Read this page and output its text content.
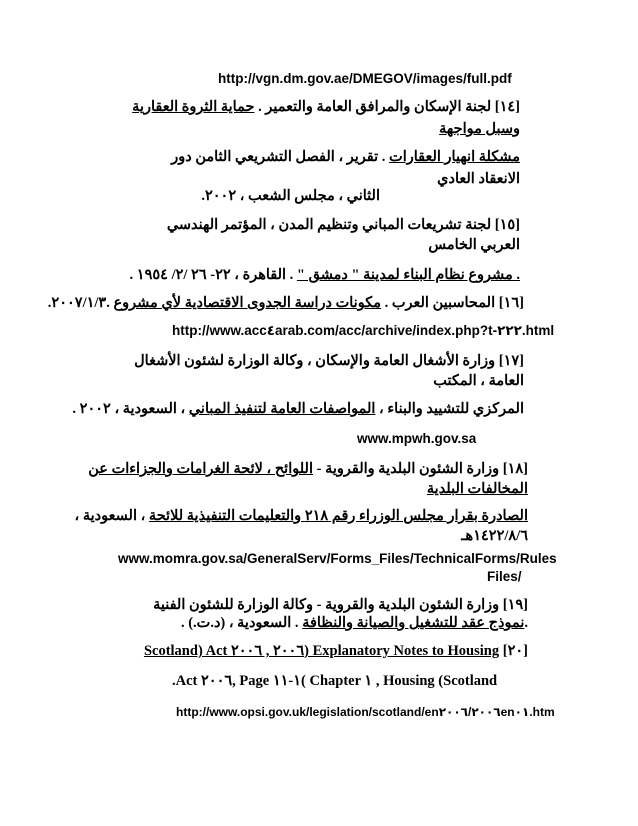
http://vgn.dm.gov.ae/DMEGOV/images/full.pdf
[١٤] لجنة الإسكان والمرافق العامة والتعمير . حماية الثروة العقارية
وسبل مواجهة
مشكلة انهيار العقارات . تقرير ، الفصل التشريعي الثامن دور
الانعقاد العادي
الثاني ، مجلس الشعب ، ٢٠٠٢.
[١٥] لجنة تشريعات المباني وتنظيم المدن ، المؤتمر الهندسي
العربي الخامس
. مشروع نظام البناء لمدينة " دمشق " . القاهرة ، ٢٢- ٢٦ /٢/ ١٩٥٤ .
[١٦] المحاسبين العرب . مكونات دراسة الجدوى الاقتصادية لأي مشروع .٢٠٠٧/١/٣.
http://www.acc٤arab.com/acc/archive/index.php?t-٢٢٢.html
[١٧] وزارة الأشغال العامة والإسكان ، وكالة الوزارة لشئون الأشغال
العامة ، المكتب
المركزي للتشييد والبناء ، المواصفات العامة لتنفيذ المباني ، السعودية ، ٢٠٠٢ .
www.mpwh.gov.sa
[١٨] وزارة الشئون البلدية والقروية - اللوائح ، لائحة الغرامات والجزاءات عن
المخالفات البلدية
الصادرة بقرار مجلس الوزراء رقم ٢١٨ والتعليمات التنفيذية للائحة ، السعودية ،
١٤٢٢/٨/٦هـ
www.momra.gov.sa/GeneralServ/Forms_Files/TechnicalForms/Rules
Files/
[١٩] وزارة الشئون البلدية والقروية - وكالة الوزارة للشئون الفنية
.نموذج عقد للتشغيل والصيانة والنظافة . السعودية ، (د.ت.) .
[٢٠] Scotland) Act ٢٠٠٦ , ٢٠٠٦) Explanatory Notes to Housing
.Act ٢٠٠٦, Page ١-١١( Chapter ١ , Housing (Scotland
http://www.opsi.gov.uk/legislation/scotland/en٢٠٠٦/٢٠٠٦en٠١.htm
